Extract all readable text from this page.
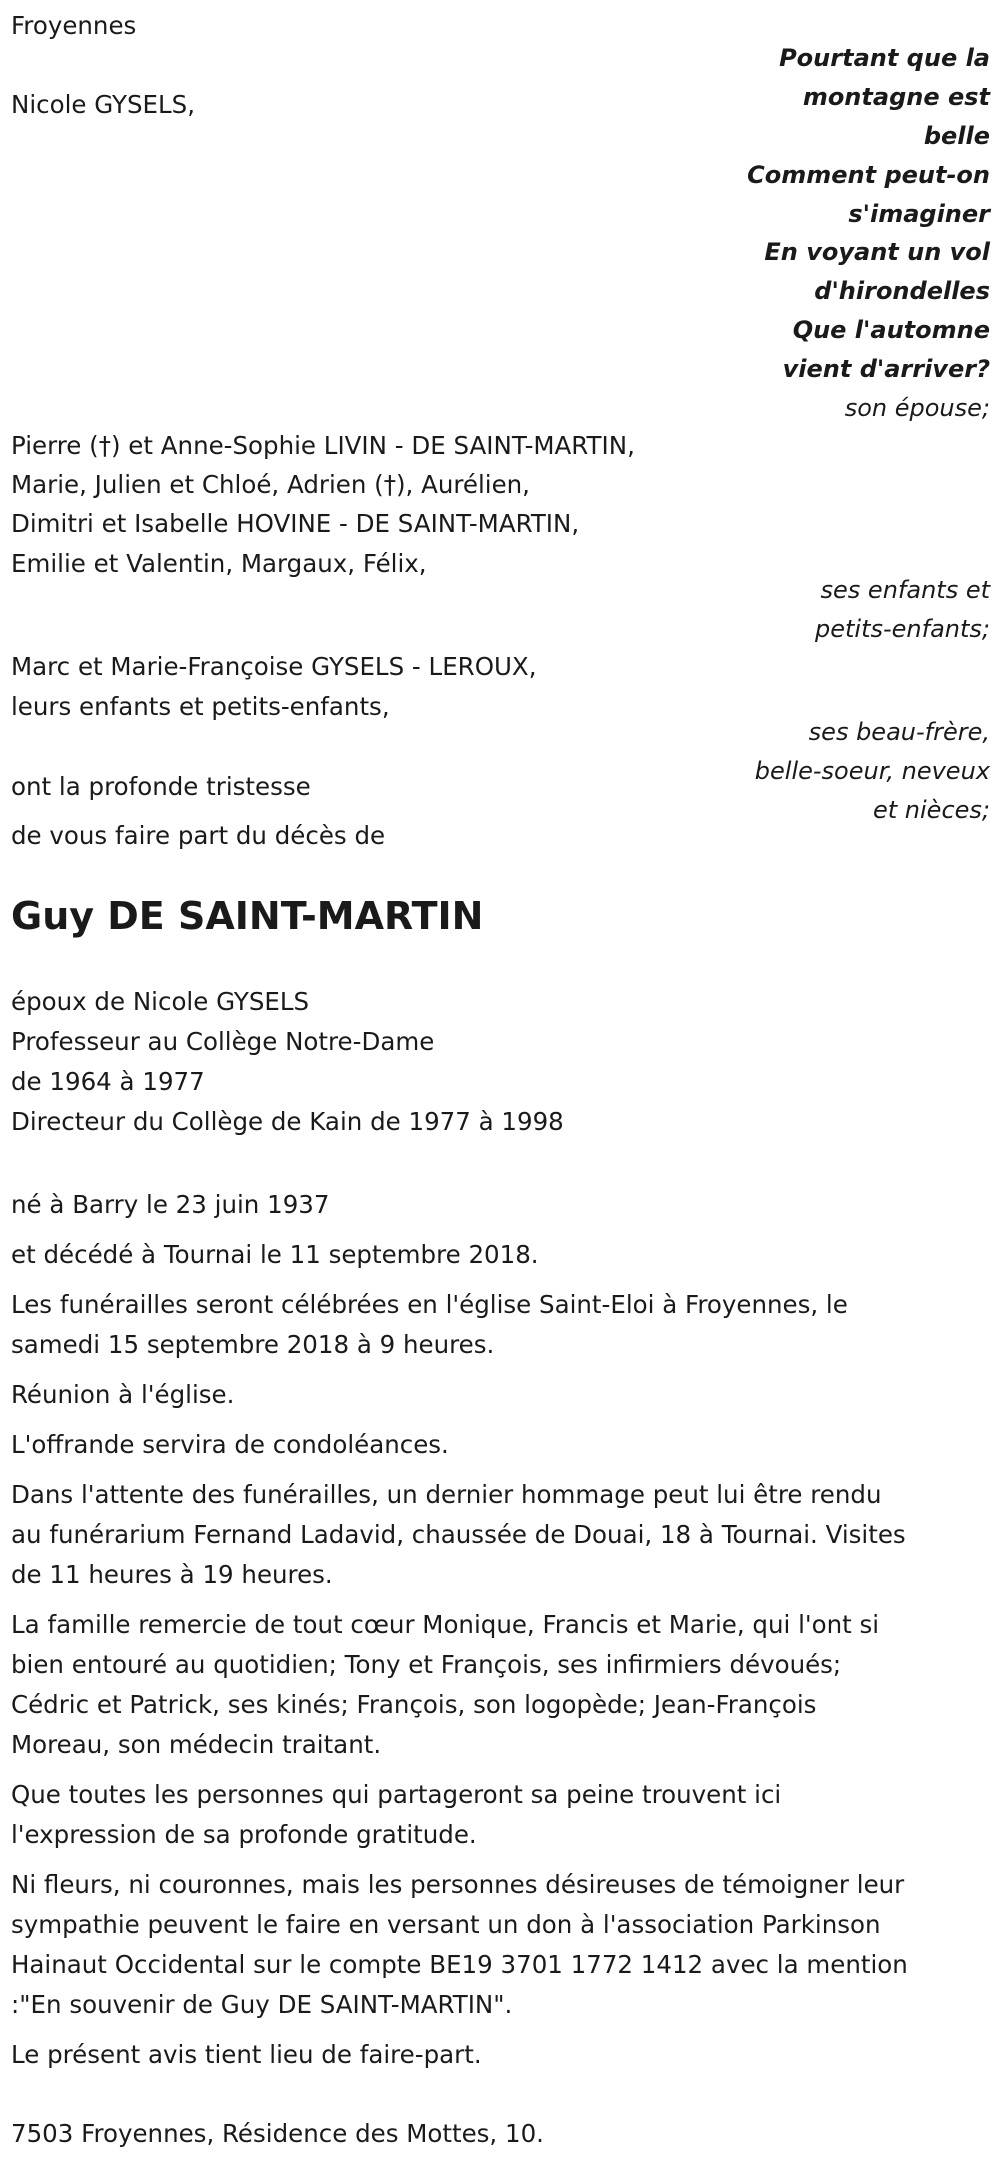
Froyennes

Nicole GYSELS,

Pourtant que la

montagne est

belle

Comment peut-on

s'imaginer

En voyant un vol

d'hirondelles

Que l'automne

vient d'arriver?

son épouse;

ses enfants et

petits-enfants;

ses beau-frère,

belle-soeur, neveux

et nièces;

Pierre (†) et Anne-Sophie LIVIN - DE SAINT-MARTIN,

Marie, Julien et Chloé, Adrien (†), Aurélien,

Dimitri et Isabelle HOVINE - DE SAINT-MARTIN,

Emilie et Valentin, Margaux, Félix,

Marc et Marie-Françoise GYSELS - LEROUX,

leurs enfants et petits-enfants,

ont la profonde tristesse

de vous faire part du décès de

Guy DE SAINT-MARTIN

époux de Nicole GYSELS

Professeur au Collège Notre-Dame

de 1964 à 1977

Directeur du Collège de Kain de 1977 à 1998

né à Barry le 23 juin 1937

et décédé à Tournai le 11 septembre 2018.

Les funérailles seront célébrées en l'église Saint-Eloi à Froyennes, le

samedi 15 septembre 2018 à 9 heures.

Réunion à l'église.

L'offrande servira de condoléances.

Dans l'attente des funérailles, un dernier hommage peut lui être rendu

au funérarium Fernand Ladavid, chaussée de Douai, 18 à Tournai. Visites

de 11 heures à 19 heures.

La famille remercie de tout cœur Monique, Francis et Marie, qui l'ont si

bien entouré au quotidien; Tony et François, ses infirmiers dévoués;

Cédric et Patrick, ses kinés; François, son logopède; Jean-François

Moreau, son médecin traitant.

Que toutes les personnes qui partageront sa peine trouvent ici

l'expression de sa profonde gratitude.

Ni fleurs, ni couronnes, mais les personnes désireuses de témoigner leur

sympathie peuvent le faire en versant un don à l'association Parkinson

Hainaut Occidental sur le compte BE19 3701 1772 1412 avec la mention

:"En souvenir de Guy DE SAINT-MARTIN".

Le présent avis tient lieu de faire-part.

7503 Froyennes, Résidence des Mottes, 10.
